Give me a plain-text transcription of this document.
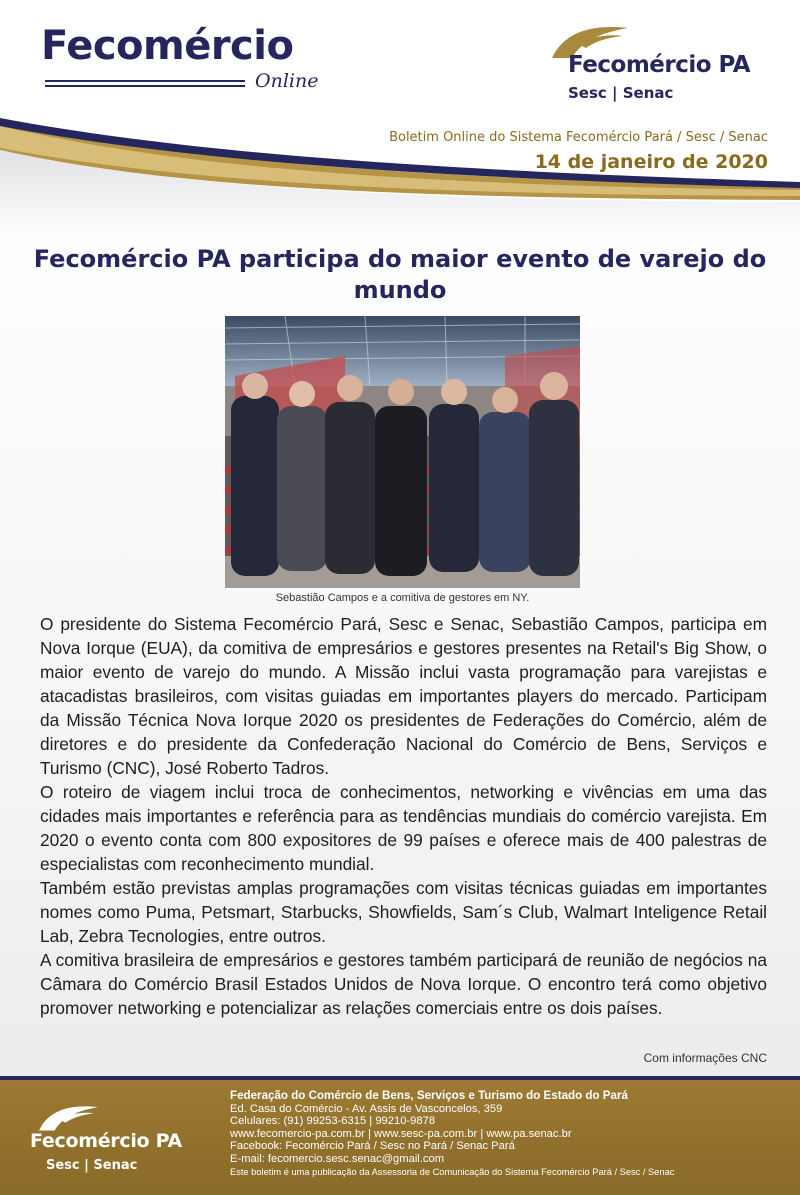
Fecomércio
Online
Fecomércio PA
Sesc | Senac
Boletim Online do Sistema Fecomércio Pará / Sesc / Senac
14 de janeiro de 2020
Fecomércio PA participa do maior evento de varejo do mundo
Sebastião Campos e a comitiva de gestores em NY.

O presidente do Sistema Fecomércio Pará, Sesc e Senac, Sebastião Campos, participa em Nova Iorque (EUA), da comitiva de empresários e gestores presentes na Retail's Big Show, o maior evento de varejo do mundo. A Missão inclui vasta programação para varejistas e atacadistas brasileiros, com visitas guiadas em importantes players do mercado. Participam da Missão Técnica Nova Iorque 2020 os presidentes de Federações do Comércio, além de diretores e do presidente da Confederação Nacional do Comércio de Bens, Serviços e Turismo (CNC), José Roberto Tadros.

O roteiro de viagem inclui troca de conhecimentos, networking e vivências em uma das cidades mais importantes e referência para as tendências mundiais do comércio varejista. Em 2020 o evento conta com 800 expositores de 99 países e oferece mais de 400 palestras de especialistas com reconhecimento mundial.

Também estão previstas amplas programações com visitas técnicas guiadas em importantes nomes como Puma, Petsmart, Starbucks, Showfields, Sam´s Club, Walmart Inteligence Retail Lab, Zebra Tecnologies, entre outros.

A comitiva brasileira de empresários e gestores também participará de reunião de negócios na Câmara do Comércio Brasil Estados Unidos de Nova Iorque. O encontro terá como objetivo promover networking e potencializar as relações comerciais entre os dois países.

Com informações CNC
Fecomércio PA
Sesc | Senac
Federação do Comércio de Bens, Serviços e Turismo do Estado do Pará
Ed. Casa do Comércio - Av. Assis de Vasconcelos, 359
Celulares: (91) 99253-6315 | 99210-9878
www.fecomercio-pa.com.br | www.sesc-pa.com.br | www.pa.senac.br
Facebook: Fecomércio Pará / Sesc no Pará / Senac Pará
E-mail: fecomercio.sesc.senac@gmail.com
Este boletim é uma publicação da Assessoria de Comunicação do Sistema Fecomércio Pará / Sesc / Senac
